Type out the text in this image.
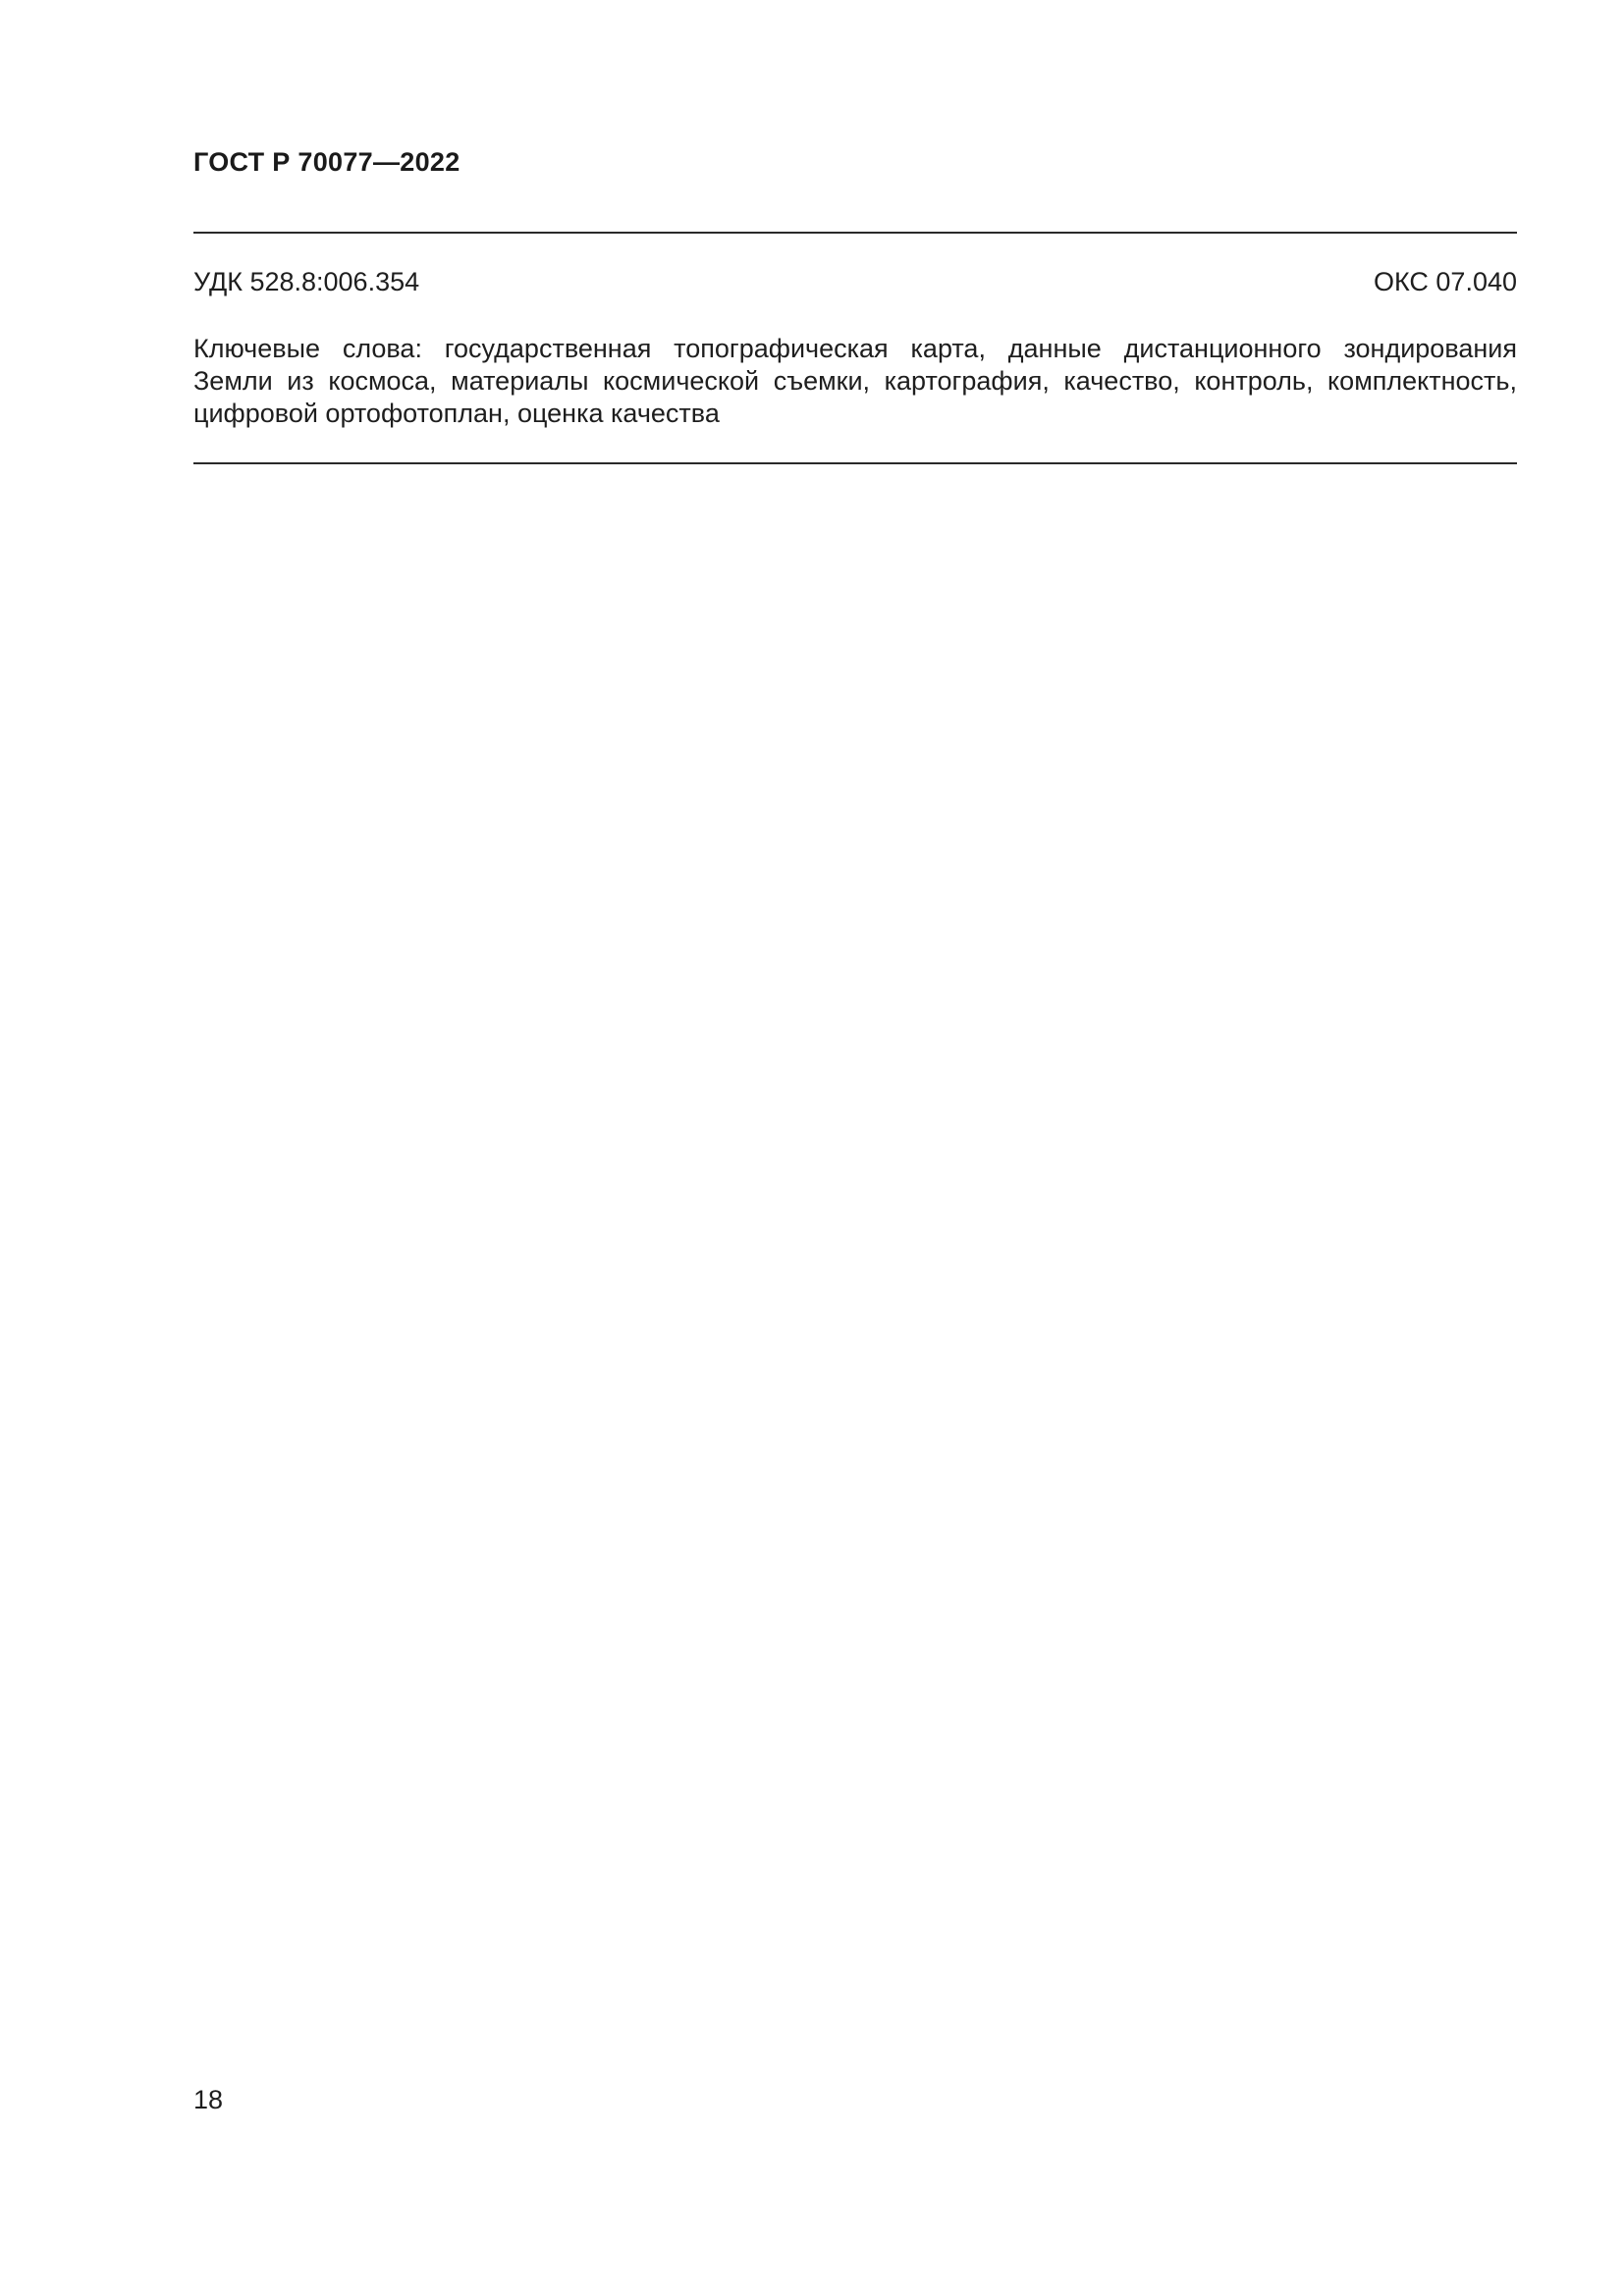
ГОСТ Р 70077—2022
УДК 528.8:006.354	ОКС 07.040
Ключевые слова: государственная топографическая карта, данные дистанционного зондирования
Земли из космоса, материалы космической съемки, картография, качество, контроль, комплектность,
цифровой ортофотоплан, оценка качества
18
